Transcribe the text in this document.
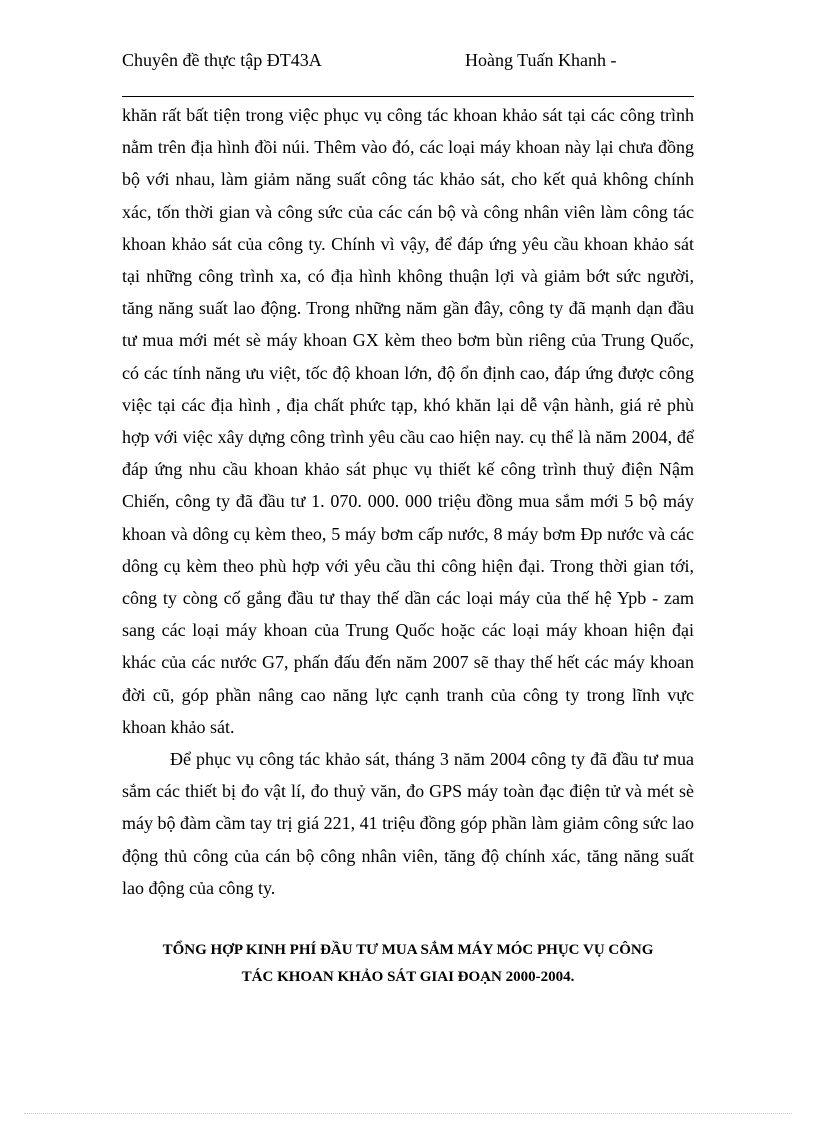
Chuyên đề thực tập ĐT43A	Hoàng Tuấn Khanh -

khăn rất bất tiện trong việc phục vụ công tác khoan khảo sát tại các công trình nằm trên địa hình đồi núi. Thêm vào đó, các loại máy khoan này lại chưa đồng bộ với nhau, làm giảm năng suất công tác khảo sát, cho kết quả không chính xác, tốn thời gian và công sức của các cán bộ và công nhân viên làm công tác khoan khảo sát của công ty. Chính vì vậy, để đáp ứng yêu cầu khoan khảo sát tại những công trình xa, có địa hình không thuận lợi và giảm bớt sức người, tăng năng suất lao động. Trong những năm gần đây, công ty đã mạnh dạn đầu tư mua mới mét sè máy khoan GX kèm theo bơm bùn riêng của Trung Quốc, có các tính năng ưu việt, tốc độ khoan lớn, độ ổn định cao, đáp ứng được công việc tại các địa hình , địa chất phức tạp, khó khăn lại dễ vận hành, giá rẻ phù hợp với việc xây dựng công trình yêu cầu cao hiện nay. cụ thể là năm 2004, để đáp ứng nhu cầu khoan khảo sát phục vụ thiết kế công trình thuỷ điện Nậm Chiến, công ty đã đầu tư 1. 070. 000. 000 triệu đồng mua sắm mới 5 bộ máy khoan và dông cụ kèm theo, 5 máy bơm cấp nước, 8 máy bơm Đp nước và các dông cụ kèm theo phù hợp với yêu cầu thi công hiện đại. Trong thời gian tới, công ty còng cố gắng đầu tư thay thế dần các loại máy của thế hệ Ypb - zam sang các loại máy khoan của Trung Quốc hoặc các loại máy khoan hiện đại khác của các nước G7, phấn đấu đến năm 2007 sẽ thay thế hết các máy khoan đời cũ, góp phần nâng cao năng lực cạnh tranh của công ty trong lĩnh vực khoan khảo sát.

Để phục vụ công tác khảo sát, tháng 3 năm 2004 công ty đã đầu tư mua sắm các thiết bị đo vật lí, đo thuỷ văn, đo GPS máy toàn đạc điện tử và mét sè máy bộ đàm cầm tay trị giá 221, 41 triệu đồng góp phần làm giảm công sức lao động thủ công của cán bộ công nhân viên, tăng độ chính xác, tăng năng suất lao động của công ty.

TỔNG HỢP KINH PHÍ ĐẦU TƯ MUA SẮM MÁY MÓC PHỤC VỤ CÔNG
TÁC KHOAN KHẢO SÁT GIAI ĐOẠN 2000-2004.
